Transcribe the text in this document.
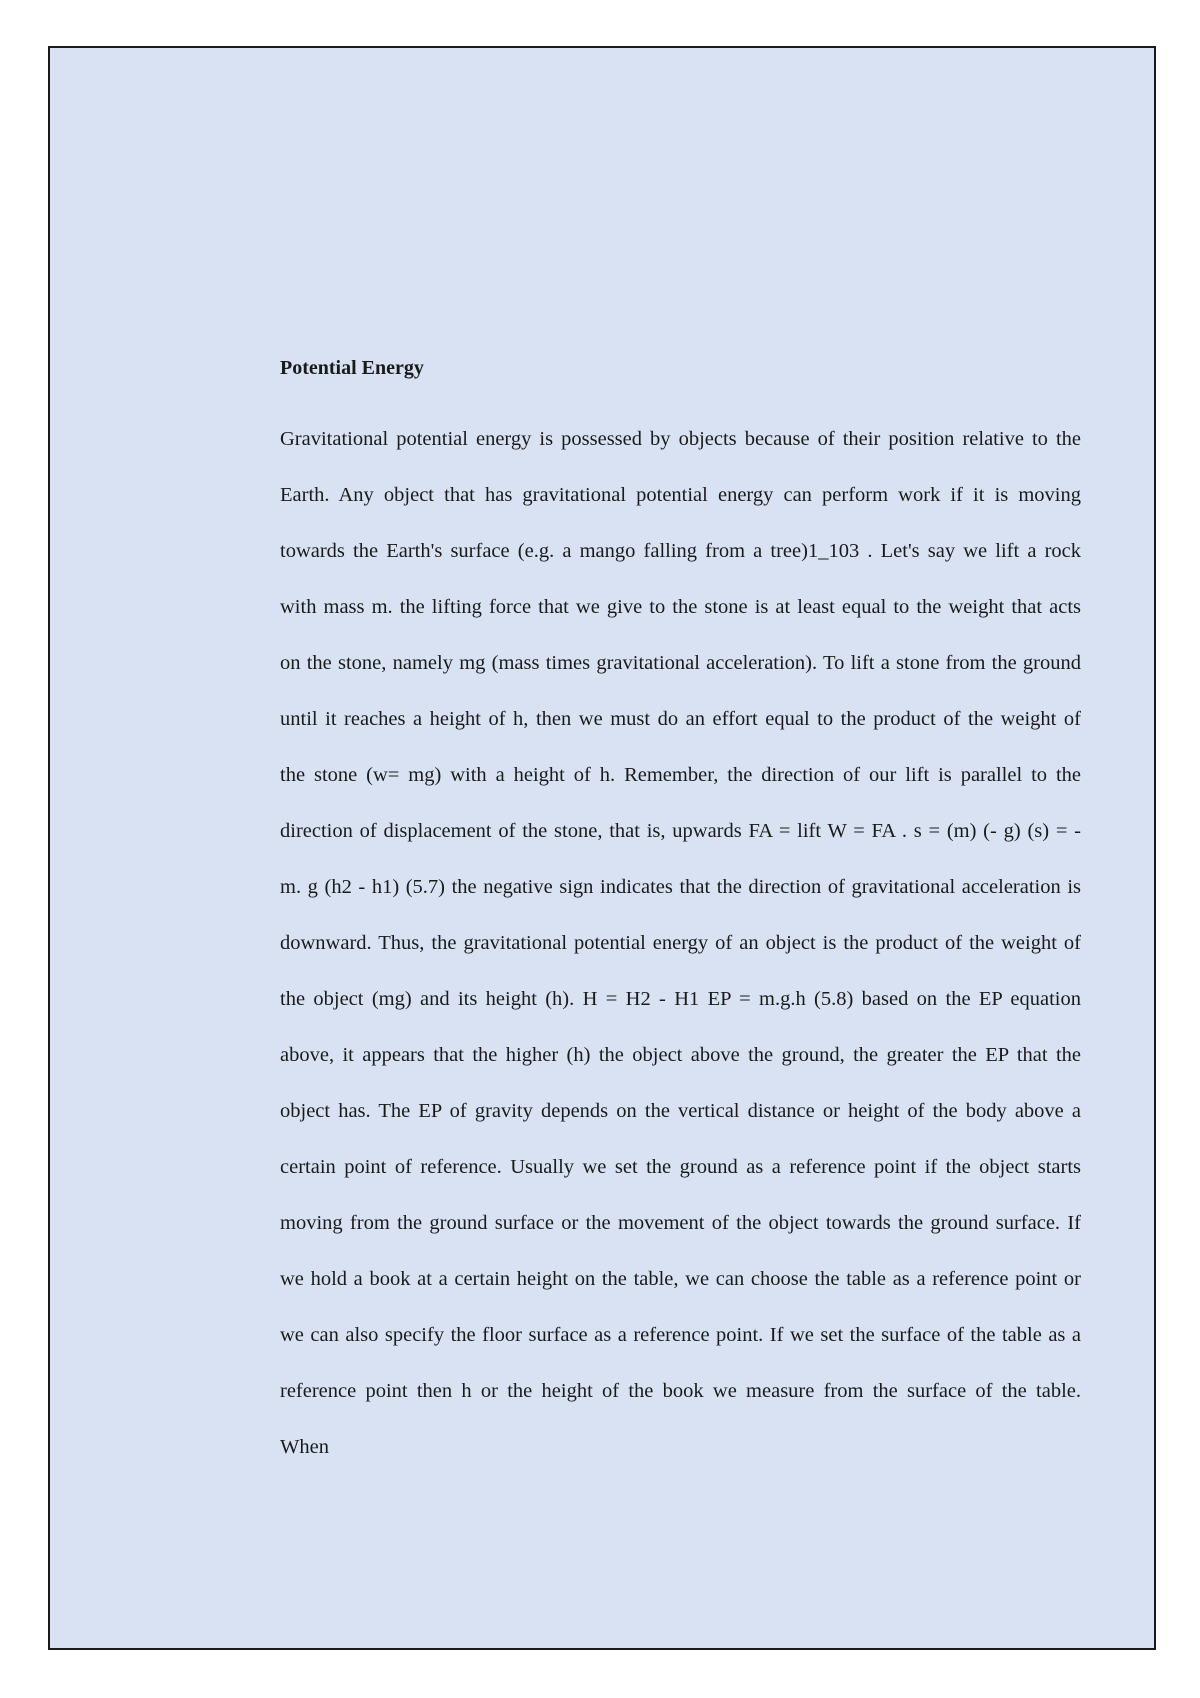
Potential Energy

Gravitational potential energy is possessed by objects because of their position relative to the Earth. Any object that has gravitational potential energy can perform work if it is moving towards the Earth's surface (e.g. a mango falling from a tree)1_103 . Let's say we lift a rock with mass m. the lifting force that we give to the stone is at least equal to the weight that acts on the stone, namely mg (mass times gravitational acceleration). To lift a stone from the ground until it reaches a height of h, then we must do an effort equal to the product of the weight of the stone (w= mg) with a height of h. Remember, the direction of our lift is parallel to the direction of displacement of the stone, that is, upwards FA = lift W = FA . s = (m) (- g) (s) = - m. g (h2 - h1) (5.7) the negative sign indicates that the direction of gravitational acceleration is downward. Thus, the gravitational potential energy of an object is the product of the weight of the object (mg) and its height (h). H = H2 - H1 EP = m.g.h (5.8) based on the EP equation above, it appears that the higher (h) the object above the ground, the greater the EP that the object has. The EP of gravity depends on the vertical distance or height of the body above a certain point of reference. Usually we set the ground as a reference point if the object starts moving from the ground surface or the movement of the object towards the ground surface. If we hold a book at a certain height on the table, we can choose the table as a reference point or we can also specify the floor surface as a reference point. If we set the surface of the table as a reference point then h or the height of the book we measure from the surface of the table. When
